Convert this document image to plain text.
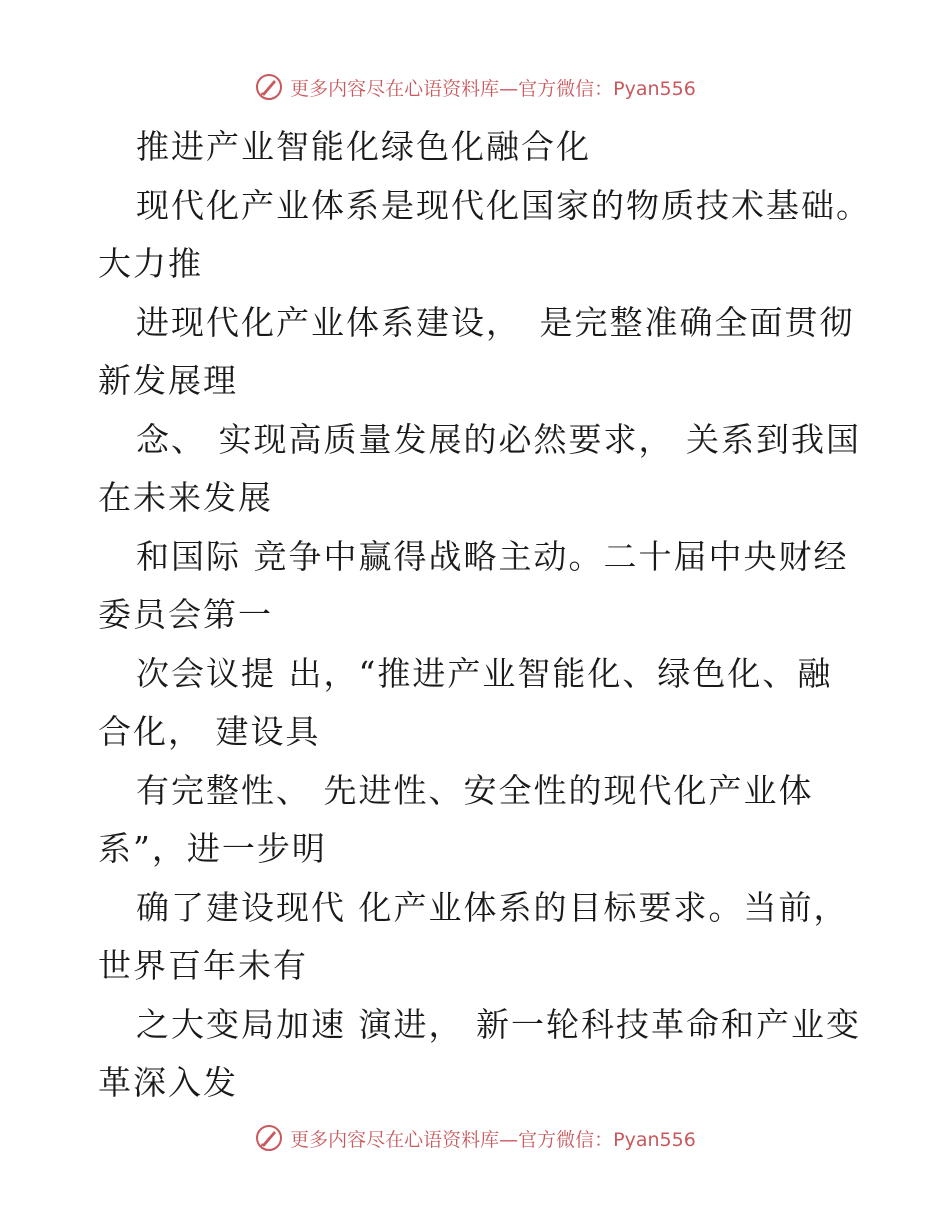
更多内容尽在心语资料库—官方微信：Pyan556
推进产业智能化绿色化融合化
现代化产业体系是现代化国家的物质技术基础。
大力推
进现代化产业体系建设，　是完整准确全面贯彻
新发展理
念、 实现高质量发展的必然要求， 关系到我国
在未来发展
和国际 竞争中赢得战略主动。二十届中央财经
委员会第一
次会议提 出，“推进产业智能化、绿色化、融
合化， 建设具
有完整性、 先进性、安全性的现代化产业体
系”，进一步明
确了建设现代 化产业体系的目标要求。当前，
世界百年未有
之大变局加速 演进， 新一轮科技革命和产业变
革深入发
更多内容尽在心语资料库—官方微信：Pyan556
